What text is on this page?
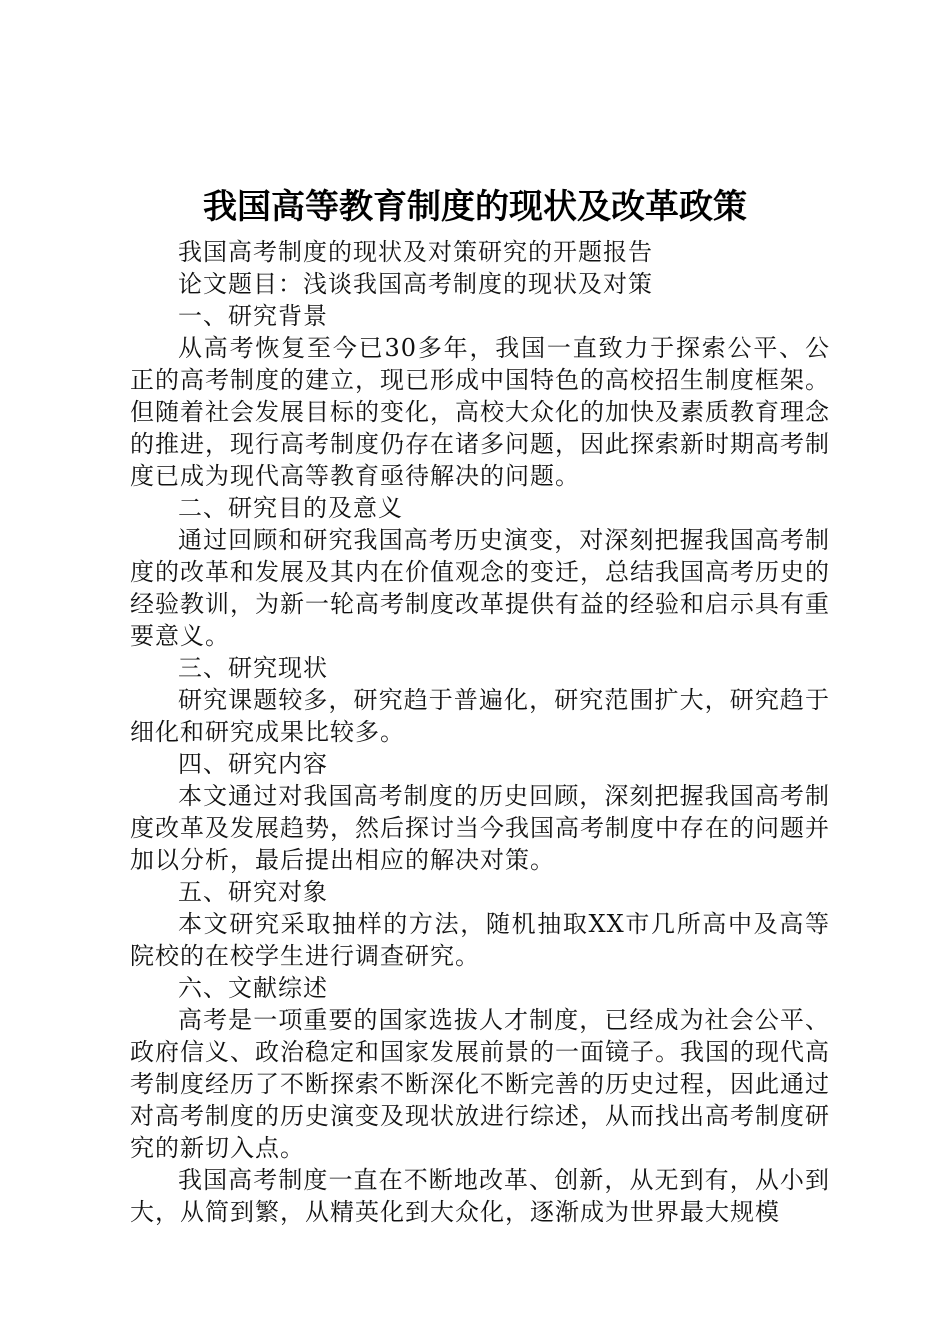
我国高等教育制度的现状及改革政策

我国高考制度的现状及对策研究的开题报告

论文题目：浅谈我国高考制度的现状及对策

一、研究背景

从高考恢复至今已30多年，我国一直致力于探索公平、公正的高考制度的建立，现已形成中国特色的高校招生制度框架。但随着社会发展目标的变化，高校大众化的加快及素质教育理念的推进，现行高考制度仍存在诸多问题，因此探索新时期高考制度已成为现代高等教育亟待解决的问题。

二、研究目的及意义

通过回顾和研究我国高考历史演变，对深刻把握我国高考制度的改革和发展及其内在价值观念的变迁，总结我国高考历史的经验教训，为新一轮高考制度改革提供有益的经验和启示具有重要意义。

三、研究现状

研究课题较多，研究趋于普遍化，研究范围扩大，研究趋于细化和研究成果比较多。

四、研究内容

本文通过对我国高考制度的历史回顾，深刻把握我国高考制度改革及发展趋势，然后探讨当今我国高考制度中存在的问题并加以分析，最后提出相应的解决对策。

五、研究对象

本文研究采取抽样的方法，随机抽取XX市几所高中及高等院校的在校学生进行调查研究。

六、文献综述

高考是一项重要的国家选拔人才制度，已经成为社会公平、政府信义、政治稳定和国家发展前景的一面镜子。我国的现代高考制度经历了不断探索不断深化不断完善的历史过程，因此通过对高考制度的历史演变及现状放进行综述，从而找出高考制度研究的新切入点。

我国高考制度一直在不断地改革、创新，从无到有，从小到大，从简到繁，从精英化到大众化，逐渐成为世界最大规模
